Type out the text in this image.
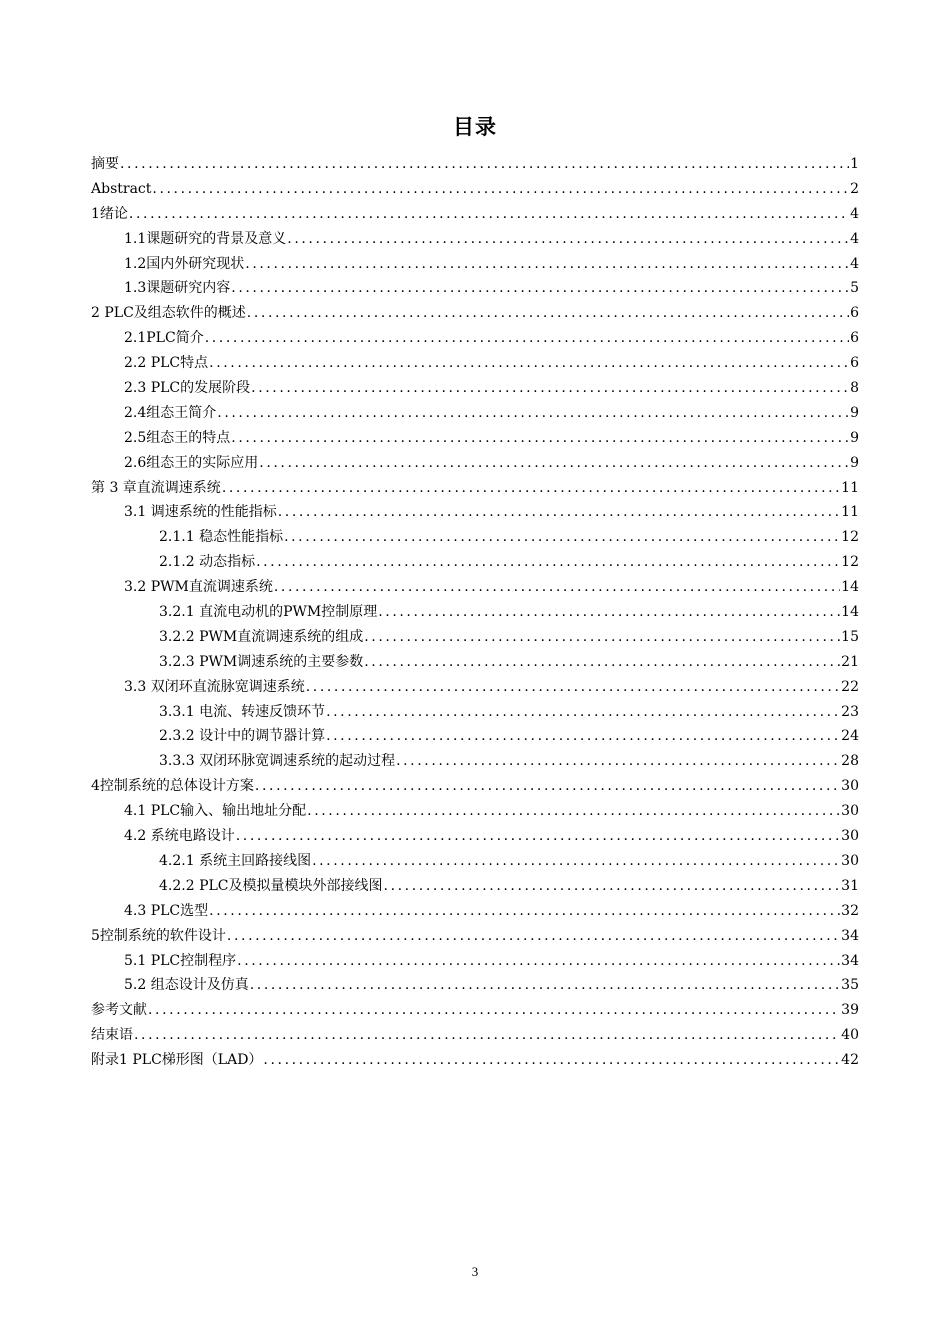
目录
摘要 .....	1
Abstract .....	2
1绪论 .....	4
1.1课题研究的背景及意义 .....	4
1.2国内外研究现状 .....	4
1.3课题研究内容 .....	5
2 PLC及组态软件的概述 .....	6
2.1PLC简介 .....	6
2.2 PLC特点 .....	6
2.3 PLC的发展阶段 .....	8
2.4组态王简介 .....	9
2.5组态王的特点 .....	9
2.6组态王的实际应用 .....	9
第 3 章直流调速系统 .....	11
3.1 调速系统的性能指标 .....	11
2.1.1 稳态性能指标 .....	12
2.1.2 动态指标 .....	12
3.2 PWM直流调速系统 .....	14
3.2.1 直流电动机的PWM控制原理 .....	14
3.2.2 PWM直流调速系统的组成 .....	15
3.2.3 PWM调速系统的主要参数 .....	21
3.3 双闭环直流脉宽调速系统 .....	22
3.3.1 电流、转速反馈环节 .....	23
2.3.2 设计中的调节器计算 .....	24
3.3.3 双闭环脉宽调速系统的起动过程 .....	28
4控制系统的总体设计方案 .....	30
4.1 PLC输入、输出地址分配 .....	30
4.2 系统电路设计 .....	30
4.2.1 系统主回路接线图 .....	30
4.2.2 PLC及模拟量模块外部接线图 .....	31
4.3 PLC选型 .....	32
5控制系统的软件设计 .....	34
5.1 PLC控制程序 .....	34
5.2 组态设计及仿真 .....	35
参考文献 .....	39
结束语 .....	40
附录1 PLC梯形图（LAD） .....	42
3
